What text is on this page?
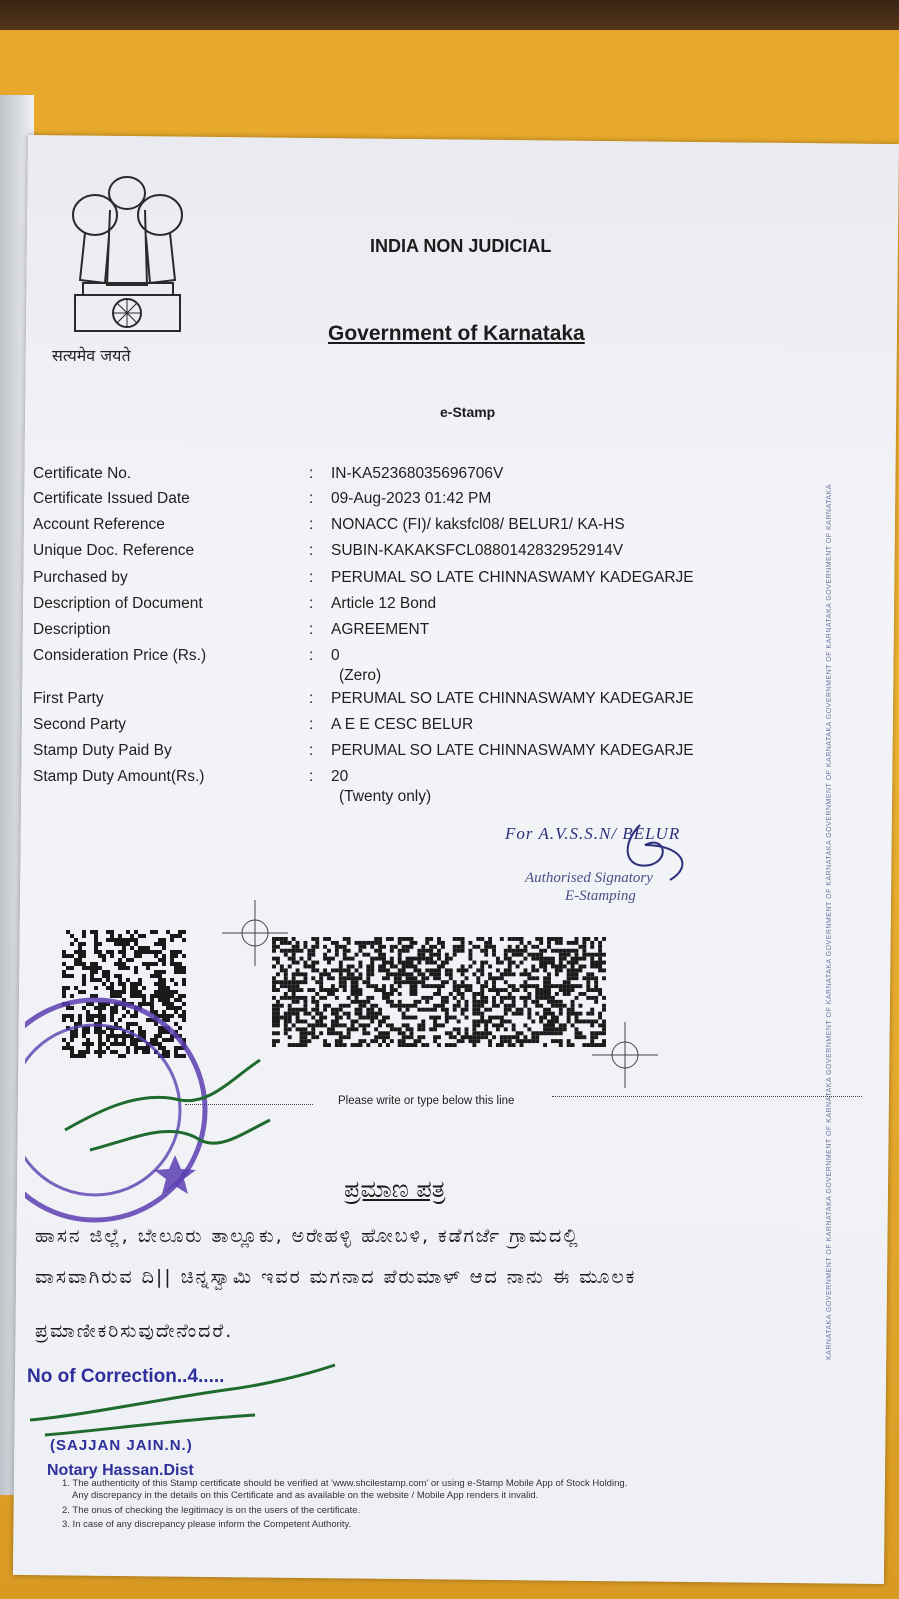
सत्यमेव जयते
INDIA NON JUDICIAL
Government of Karnataka
e-Stamp
Certificate No.	: IN-KA52368035696706V
Certificate Issued Date	: 09-Aug-2023 01:42 PM
Account Reference	: NONACC (FI)/ kaksfcl08/ BELUR1/ KA-HS
Unique Doc. Reference	: SUBIN-KAKAKSFCL0880142832952914V
Purchased by	: PERUMAL SO LATE CHINNASWAMY KADEGARJE
Description of Document	: Article 12 Bond
Description	: AGREEMENT
Consideration Price (Rs.)	: 0
(Zero)
First Party	: PERUMAL SO LATE CHINNASWAMY KADEGARJE
Second Party	: A E E CESC BELUR
Stamp Duty Paid By	: PERUMAL SO LATE CHINNASWAMY KADEGARJE
Stamp Duty Amount(Rs.)	: 20
(Twenty only)
For A.V.S.S.N/ BELUR
Authorised Signatory
E-Stamping
Please write or type below this line
ಪ್ರಮಾಣ ಪತ್ರ
ಹಾಸನ ಜಿಲ್ಲೆ, ಬೇಲೂರು ತಾಲ್ಲೂಕು, ಅರೇಹಳ್ಳಿ ಹೋಬಳಿ, ಕಡೆಗರ್ಜೆ ಗ್ರಾಮದಲ್ಲಿ
ವಾಸವಾಗಿರುವ ದಿ|| ಚಿನ್ನಸ್ವಾಮಿ ಇವರ ಮಗನಾದ ಪೆರುಮಾಳ್ ಆದ ನಾನು ಈ ಮೂಲಕ
ಪ್ರಮಾಣೀಕರಿಸುವುದೇನೆಂದರೆ.
No of Correction..4.....
(SAJJAN JAIN.N.)
Notary Hassan.Dist
1. The authenticity of this Stamp certificate should be verified at 'www.shcilestamp.com' or using e-Stamp Mobile App of Stock Holding.
Any discrepancy in the details on this Certificate and as available on the website / Mobile App renders it invalid.
2. The onus of checking the legitimacy is on the users of the certificate.
3. In case of any discrepancy please inform the Competent Authority.
KARNATAKA GOVERNMENT OF KARNATAKA GOVERNMENT OF KARNATAKA GOVERNMENT OF KARNATAKA GOVERNMENT OF KARNATAKA GOVERNMENT OF KARNATAKA GOVERNMENT OF KARNATAKA GOVERNMENT OF KARNATAKA
